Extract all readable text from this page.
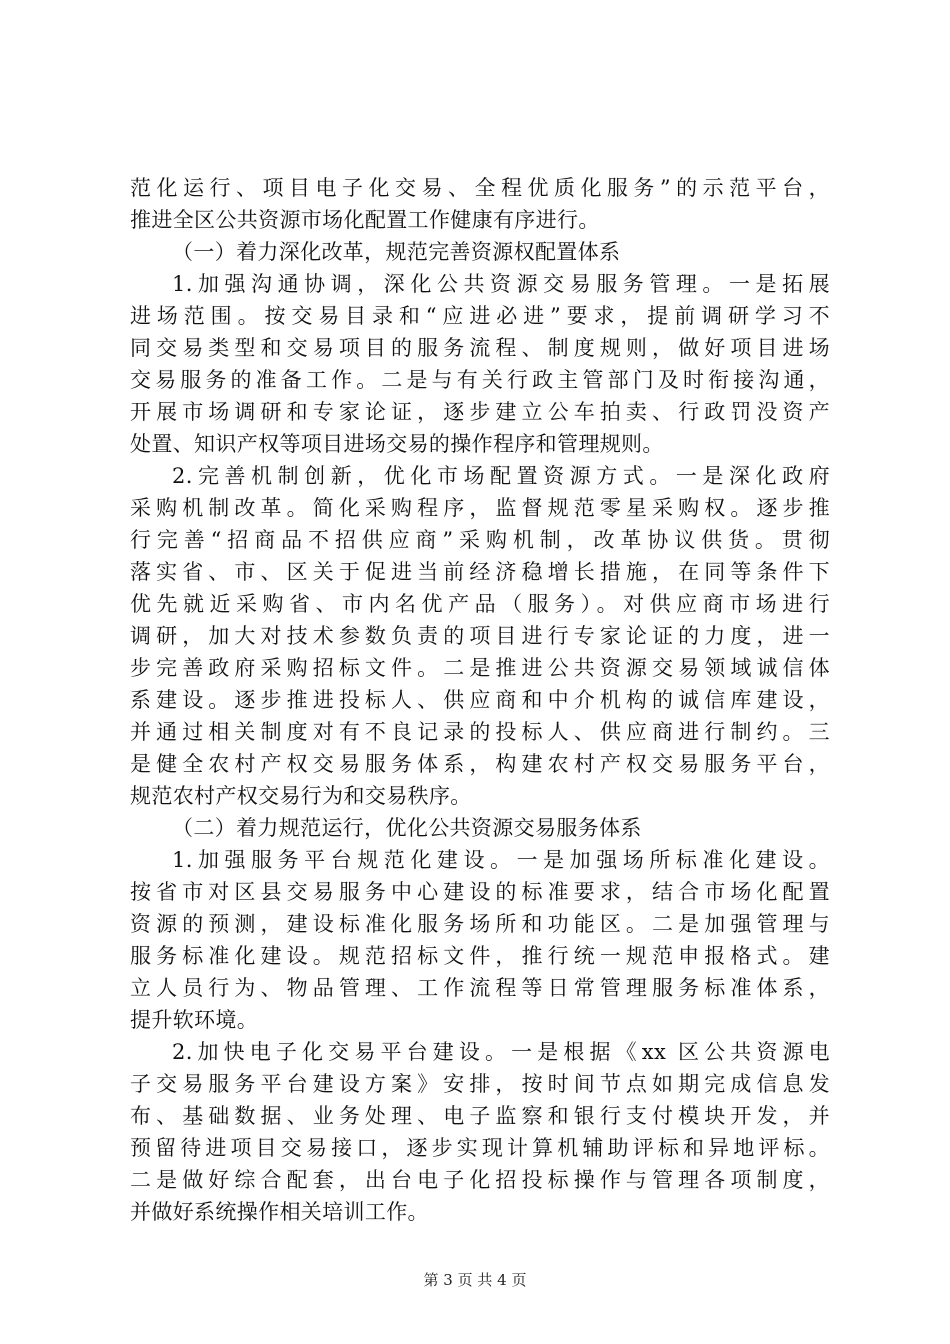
范化运行、项目电子化交易、全程优质化服务”的示范平台，
推进全区公共资源市场化配置工作健康有序进行。
（一）着力深化改革，规范完善资源权配置体系
1.加强沟通协调，深化公共资源交易服务管理。一是拓展
进场范围。按交易目录和“应进必进”要求，提前调研学习不
同交易类型和交易项目的服务流程、制度规则，做好项目进场
交易服务的准备工作。二是与有关行政主管部门及时衔接沟通，
开展市场调研和专家论证，逐步建立公车拍卖、行政罚没资产
处置、知识产权等项目进场交易的操作程序和管理规则。
2.完善机制创新，优化市场配置资源方式。一是深化政府
采购机制改革。简化采购程序，监督规范零星采购权。逐步推
行完善“招商品不招供应商”采购机制，改革协议供货。贯彻
落实省、市、区关于促进当前经济稳增长措施，在同等条件下
优先就近采购省、市内名优产品（服务）。对供应商市场进行
调研，加大对技术参数负责的项目进行专家论证的力度，进一
步完善政府采购招标文件。二是推进公共资源交易领域诚信体
系建设。逐步推进投标人、供应商和中介机构的诚信库建设，
并通过相关制度对有不良记录的投标人、供应商进行制约。三
是健全农村产权交易服务体系，构建农村产权交易服务平台，
规范农村产权交易行为和交易秩序。
（二）着力规范运行，优化公共资源交易服务体系
1.加强服务平台规范化建设。一是加强场所标准化建设。
按省市对区县交易服务中心建设的标准要求，结合市场化配置
资源的预测，建设标准化服务场所和功能区。二是加强管理与
服务标准化建设。规范招标文件，推行统一规范申报格式。建
立人员行为、物品管理、工作流程等日常管理服务标准体系，
提升软环境。
2.加快电子化交易平台建设。一是根据《xx 区公共资源电
子交易服务平台建设方案》安排，按时间节点如期完成信息发
布、基础数据、业务处理、电子监察和银行支付模块开发，并
预留待进项目交易接口，逐步实现计算机辅助评标和异地评标。
二是做好综合配套，出台电子化招投标操作与管理各项制度，
并做好系统操作相关培训工作。
第 3 页 共 4 页
